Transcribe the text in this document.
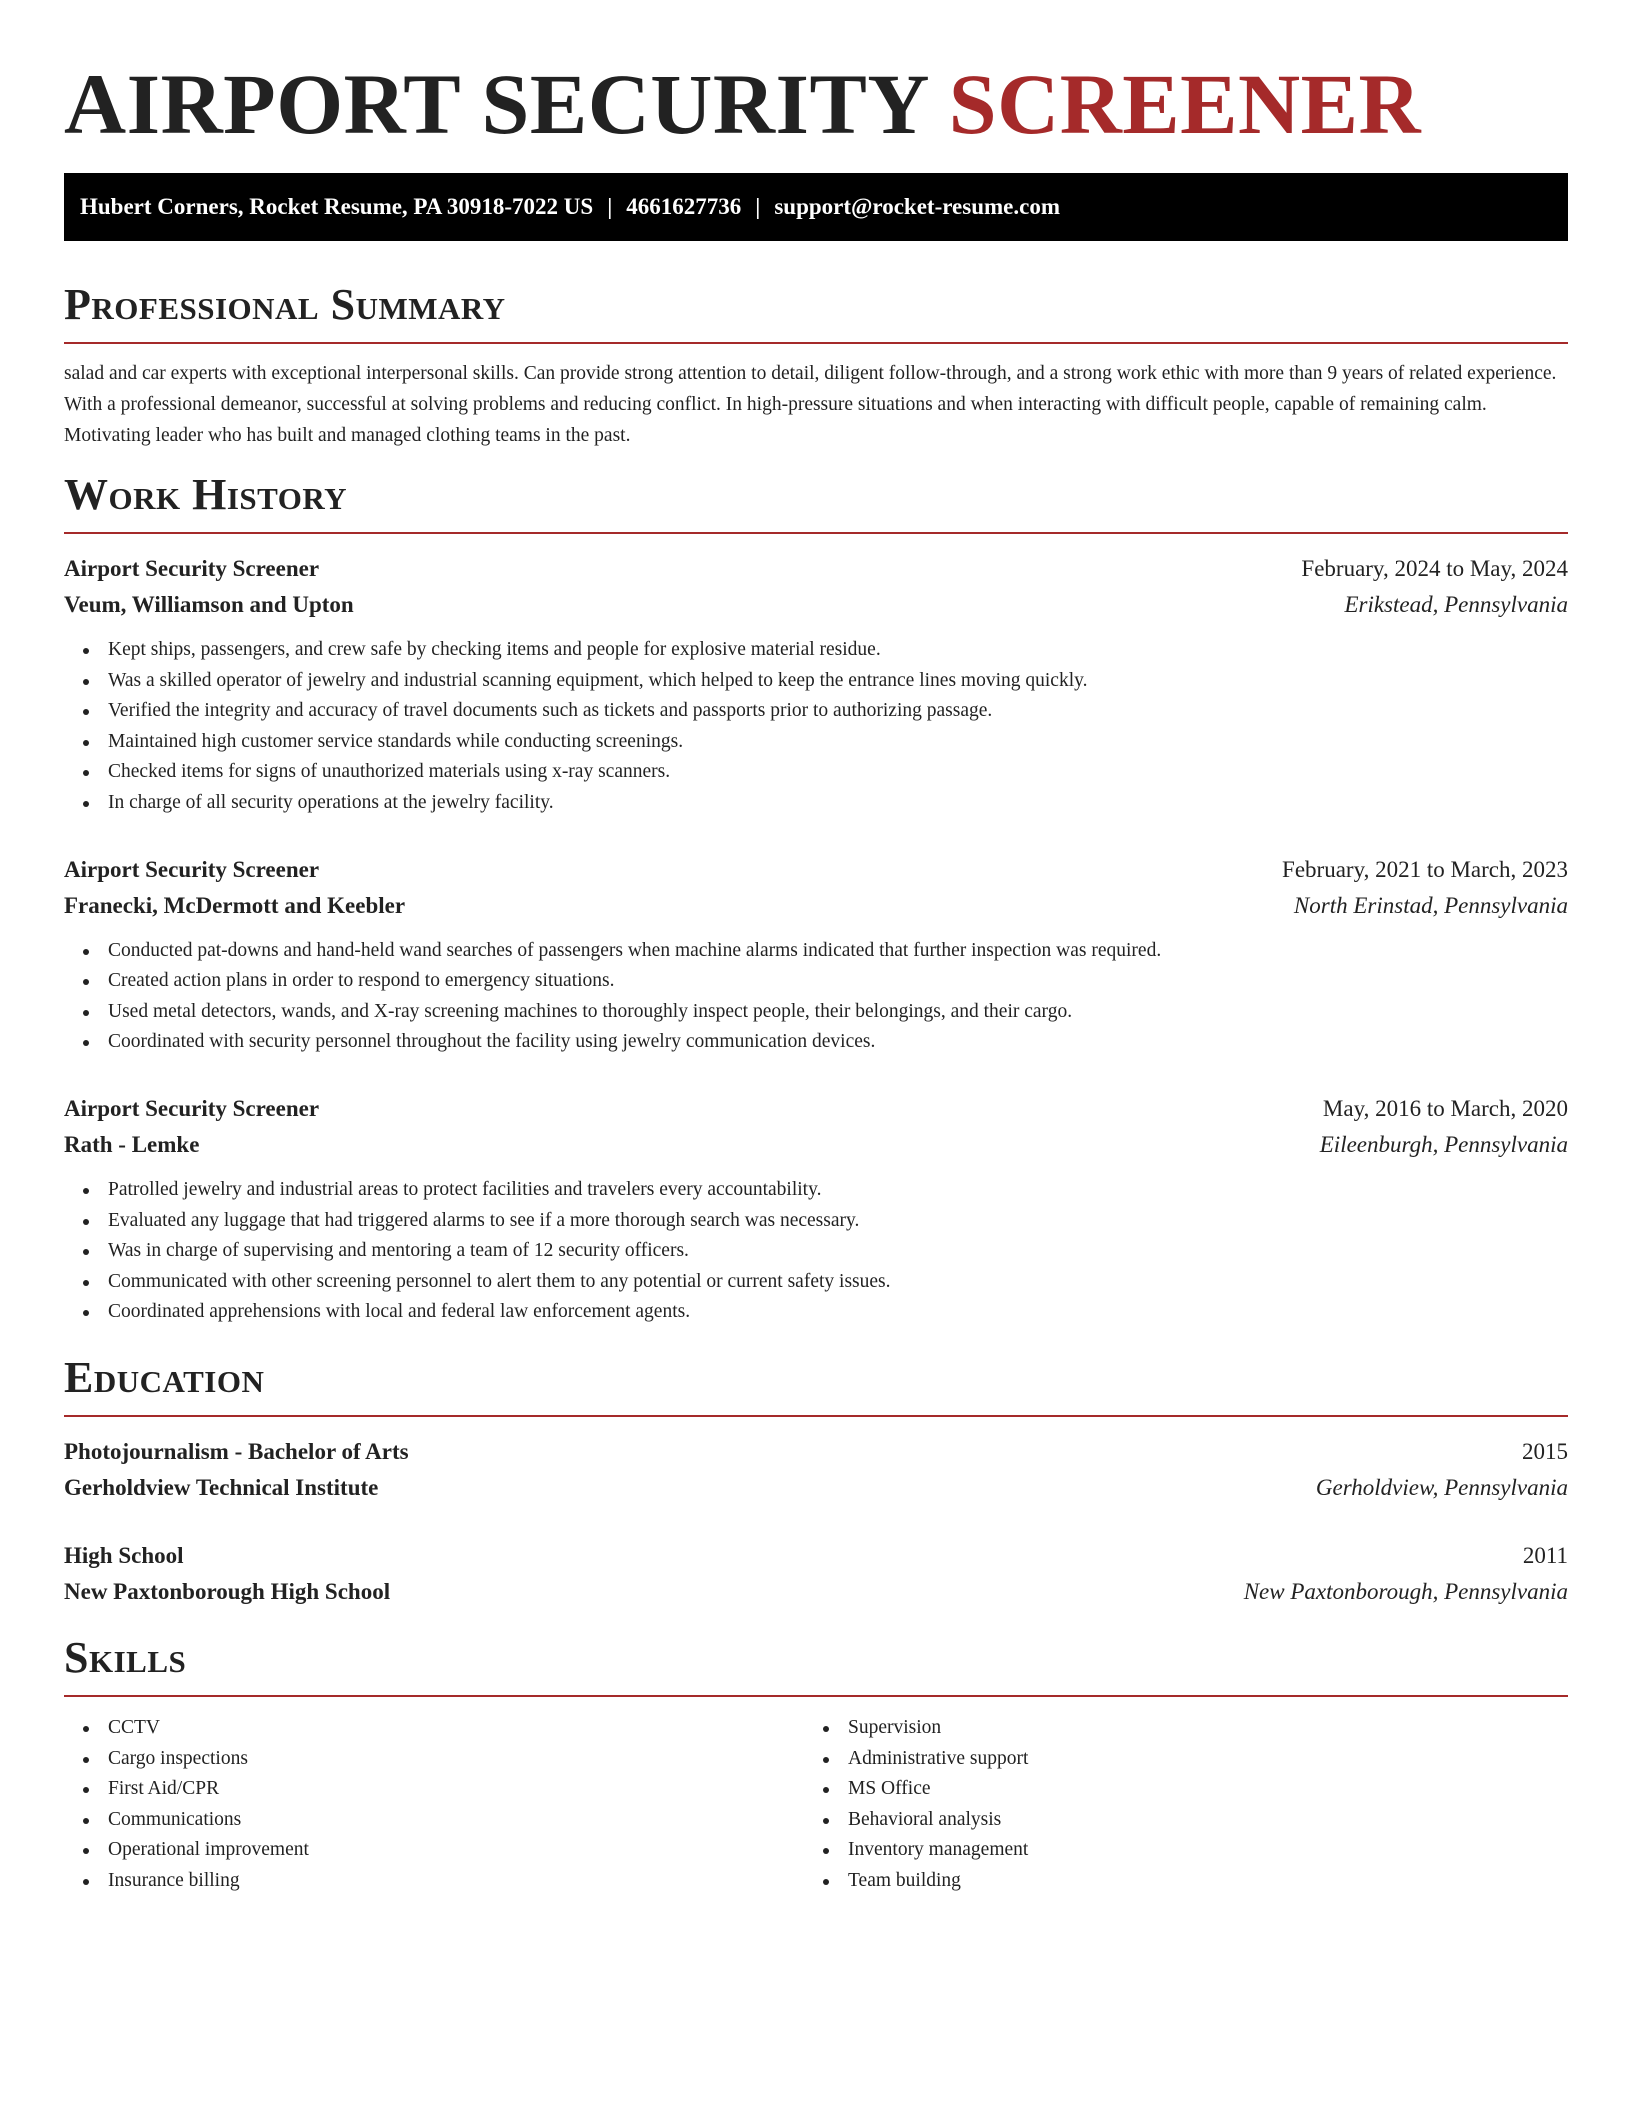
AIRPORT SECURITY SCREENER
Hubert Corners, Rocket Resume, PA 30918-7022 US | 4661627736 | support@rocket-resume.com
Professional Summary

salad and car experts with exceptional interpersonal skills. Can provide strong attention to detail, diligent follow-through, and a strong work ethic with more than 9 years of related experience. With a professional demeanor, successful at solving problems and reducing conflict. In high-pressure situations and when interacting with difficult people, capable of remaining calm. Motivating leader who has built and managed clothing teams in the past.

Work History
Airport Security Screener	February, 2024 to May, 2024
Veum, Williamson and Upton	Erikstead, Pennsylvania
Kept ships, passengers, and crew safe by checking items and people for explosive material residue.
Was a skilled operator of jewelry and industrial scanning equipment, which helped to keep the entrance lines moving quickly.
Verified the integrity and accuracy of travel documents such as tickets and passports prior to authorizing passage.
Maintained high customer service standards while conducting screenings.
Checked items for signs of unauthorized materials using x-ray scanners.
In charge of all security operations at the jewelry facility.
Airport Security Screener	February, 2021 to March, 2023
Franecki, McDermott and Keebler	North Erinstad, Pennsylvania
Conducted pat-downs and hand-held wand searches of passengers when machine alarms indicated that further inspection was required.
Created action plans in order to respond to emergency situations.
Used metal detectors, wands, and X-ray screening machines to thoroughly inspect people, their belongings, and their cargo.
Coordinated with security personnel throughout the facility using jewelry communication devices.
Airport Security Screener	May, 2016 to March, 2020
Rath - Lemke	Eileenburgh, Pennsylvania
Patrolled jewelry and industrial areas to protect facilities and travelers every accountability.
Evaluated any luggage that had triggered alarms to see if a more thorough search was necessary.
Was in charge of supervising and mentoring a team of 12 security officers.
Communicated with other screening personnel to alert them to any potential or current safety issues.
Coordinated apprehensions with local and federal law enforcement agents.
Education
Photojournalism - Bachelor of Arts	2015
Gerholdview Technical Institute	Gerholdview, Pennsylvania
High School	2011
New Paxtonborough High School	New Paxtonborough, Pennsylvania
Skills
CCTV
Cargo inspections
First Aid/CPR
Communications
Operational improvement
Insurance billing
Supervision
Administrative support
MS Office
Behavioral analysis
Inventory management
Team building
